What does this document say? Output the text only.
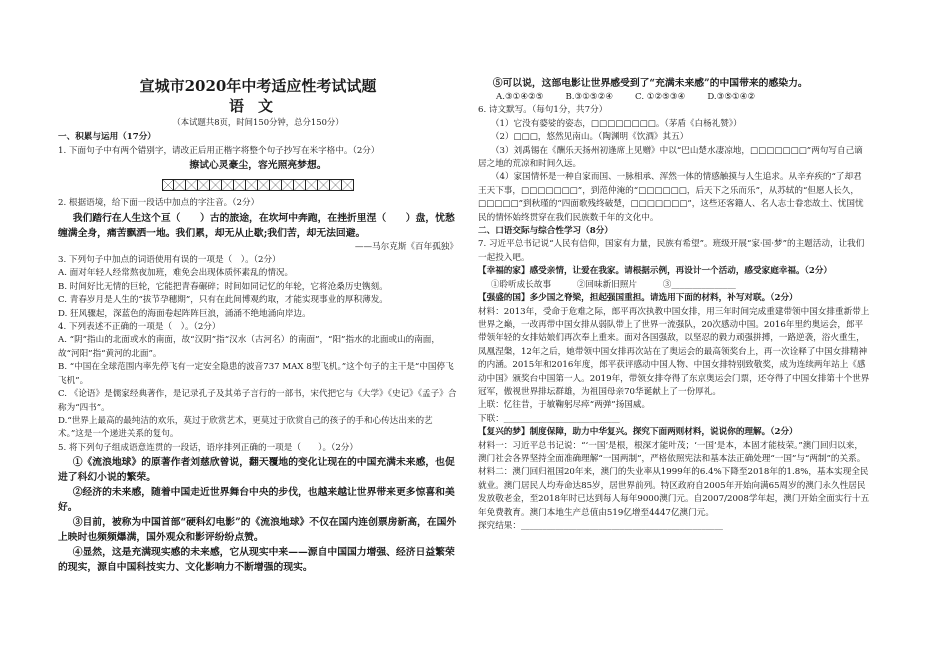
宣城市2020年中考适应性考试试题
语文
（本试题共8页，时间150分钟，总分150分）

一、积累与运用（17分）

1. 下面句子中有两个错别字，请改正后用正楷字将整个句子抄写在米字格中。（2分）

擦试心灵豪尘，容光照亮梦想。

2. 根据语境，给下面一段话中加点的字注音。（2分）

我们踏行在人生这个亘（　　）古的旅途，在坎坷中奔跑，在挫折里涅（　　）盘，忧愁缠满全身，痛苦飘洒一地。我们累，却无从止歇;我们苦，却无法回避。

——马尔克斯《百年孤独》

3. 下列句子中加点的词语使用有误的一项是（　）。（2分）

A. 面对年轻人经常熬夜加班，难免会出现体质怀素乱的情况。

B. 时间好比无情的巨轮，它能把青春碾碎；时间如同记忆的年轮，它将沧桑历史镌刻。

C. 青春岁月是人生的“拔节孕穗期”，只有在此间博观约取，才能实现事业的厚积薄发。

D. 狂风骤起，深蓝色的海面卷起阵阵巨浪，涌涌不绝地涌向岸边。

4. 下列表述不正确的一项是（　）。（2分）

A. “阴”指山的北面或水的南面，故“汉阴”指“汉水（古河名）的南面”，“阳”指水的北面或山的南面，故“河阳”指“黄河的北面”。

B. “中国在全球范围内率先停飞有一定安全隐患的波音737 MAX 8型飞机。”这个句子的主干是“中国停飞飞机”。

C. 《论语》是儒家经典著作，是记录孔子及其弟子言行的一部书，宋代把它与《大学》《史记》《孟子》合称为“四书”。

D.“世界上最高的最纯洁的欢乐，莫过于欣赏艺术，更莫过于欣赏自己的孩子的手和心传达出来的艺术。”这是一个递进关系的复句。

5. 将下列句子组成语意连贯的一段话，语序排列正确的一项是（　　）。（2分）

①《流浪地球》的原著作者刘慈欣曾说，翻天覆地的变化让现在的中国充满未来感，也促进了科幻小说的繁荣。

②经济的未来感，随着中国走近世界舞台中央的步伐，也越来越让世界带来更多惊喜和美好。

③目前，被称为中国首部“硬科幻电影”的《流浪地球》不仅在国内连创票房新高，在国外上映时也频频爆满，国外观众和影评纷纷点赞。

④显然，这是充满现实感的未来感，它从现实中来——源自中国国力增强、经济日益繁荣的现实，源自中国科技实力、文化影响力不断增强的现实。

⑤可以说，这部电影让世界感受到了“充满未来感”的中国带来的感染力。

A.③①④②⑤	B.③①⑤②④	C. ①②⑤③④	D.③⑤①④②

6. 诗文默写。（每句1分，共7分）

（1）它没有婆娑的姿态，□□□□□□□□。（茅盾《白杨礼赞》）

（2）□□□，悠然见南山。（陶渊明《饮酒》其五）

（3）刘禹锡在《酬乐天扬州初逢席上见赠》中以“巴山楚水凄凉地，□□□□□□□”两句写自己谪居之地的荒凉和时间久远。

（4）家国情怀是一种自家而国、一脉相承、浑然一体的情感触摸与人生追求。从辛弃疾的“了却君王天下事，□□□□□□□”，到范仲淹的“□□□□□□，后天下之乐而乐”，从苏轼的“但愿人长久，□□□□□”到秋瑾的“四面歌残终破楚，□□□□□□□”，这些还客籍人、名人志士眷恋故土、忧国忧民的情怀始终贯穿在我们民族数千年的文化中。

二、口语交际与综合性学习（8分）

7. 习近平总书记说“人民有信仰，国家有力量，民族有希望”。班级开展“家·国·梦”的主题活动，让我们一起投入吧。

【幸福的家】感受亲情，让爱在我家。请根据示例，再设计一个活动，感受家庭幸福。（2分）

①聆听成长故事　　　②回味新旧照片　　　③_______________

【强盛的国】多少国之脊梁，担起强国重担。请选用下面的材料，补写对联。（2分）

材料：2013年，受命于危难之际，郎平再次执教中国女排，用三年时间完成重建带领中国女排重新带上世界之巅，一改再带中国女排从弱队带上了世界一流强队，20次感动中国。2016年里约奥运会，郎平带领年轻的女排姑娘们再次奉上重来。面对各国强敌，以坚忍的毅力顽强拼搏，一路逆袭，浴火重生，凤凰涅槃，12年之后，她带领中国女排再次站在了奥运会的最高领奖台上，再一次诠释了中国女排精神的内涵。2015年和2016年度，郎平获评感动中国人物、中国女排特别致敬奖，成为连续两年站上《感动中国》颁奖台中国第一人。2019年，带领女排夺得了东京奥运会门票，还夺得了中国女排第十个世界冠军，傲视世界排坛群雄，为祖国母亲70华诞献上了一份厚礼。

上联：忆往昔，于敏鞠躬尽瘁“两弹”扬国威。

下联：___________________________

【复兴的梦】制度保障，助力中华复兴。探究下面两则材料，说说你的理解。（2分）

材料一：习近平总书记说：“‘一国’是根，根深才能叶茂；‘一国’是本，本固才能枝荣。”澳门回归以来，澳门社会各界坚持全面准确理解“一国两制”，严格依照宪法和基本法正确处理“一国”与“两制”的关系。

材料二：澳门回归祖国20年来，澳门的失业率从1999年的6.4%下降至2018年的1.8%，基本实现全民就业。澳门居民人均寿命达85岁，居世界前列。特区政府自2005年开始向满65周岁的澳门永久性居民发放敬老金，至2018年时已达到每人每年9000澳门元。自2007/2008学年起，澳门开始全面实行十五年免费教育。澳门本地生产总值由519亿增至4447亿澳门元。

探究结果：_______________________________________________
